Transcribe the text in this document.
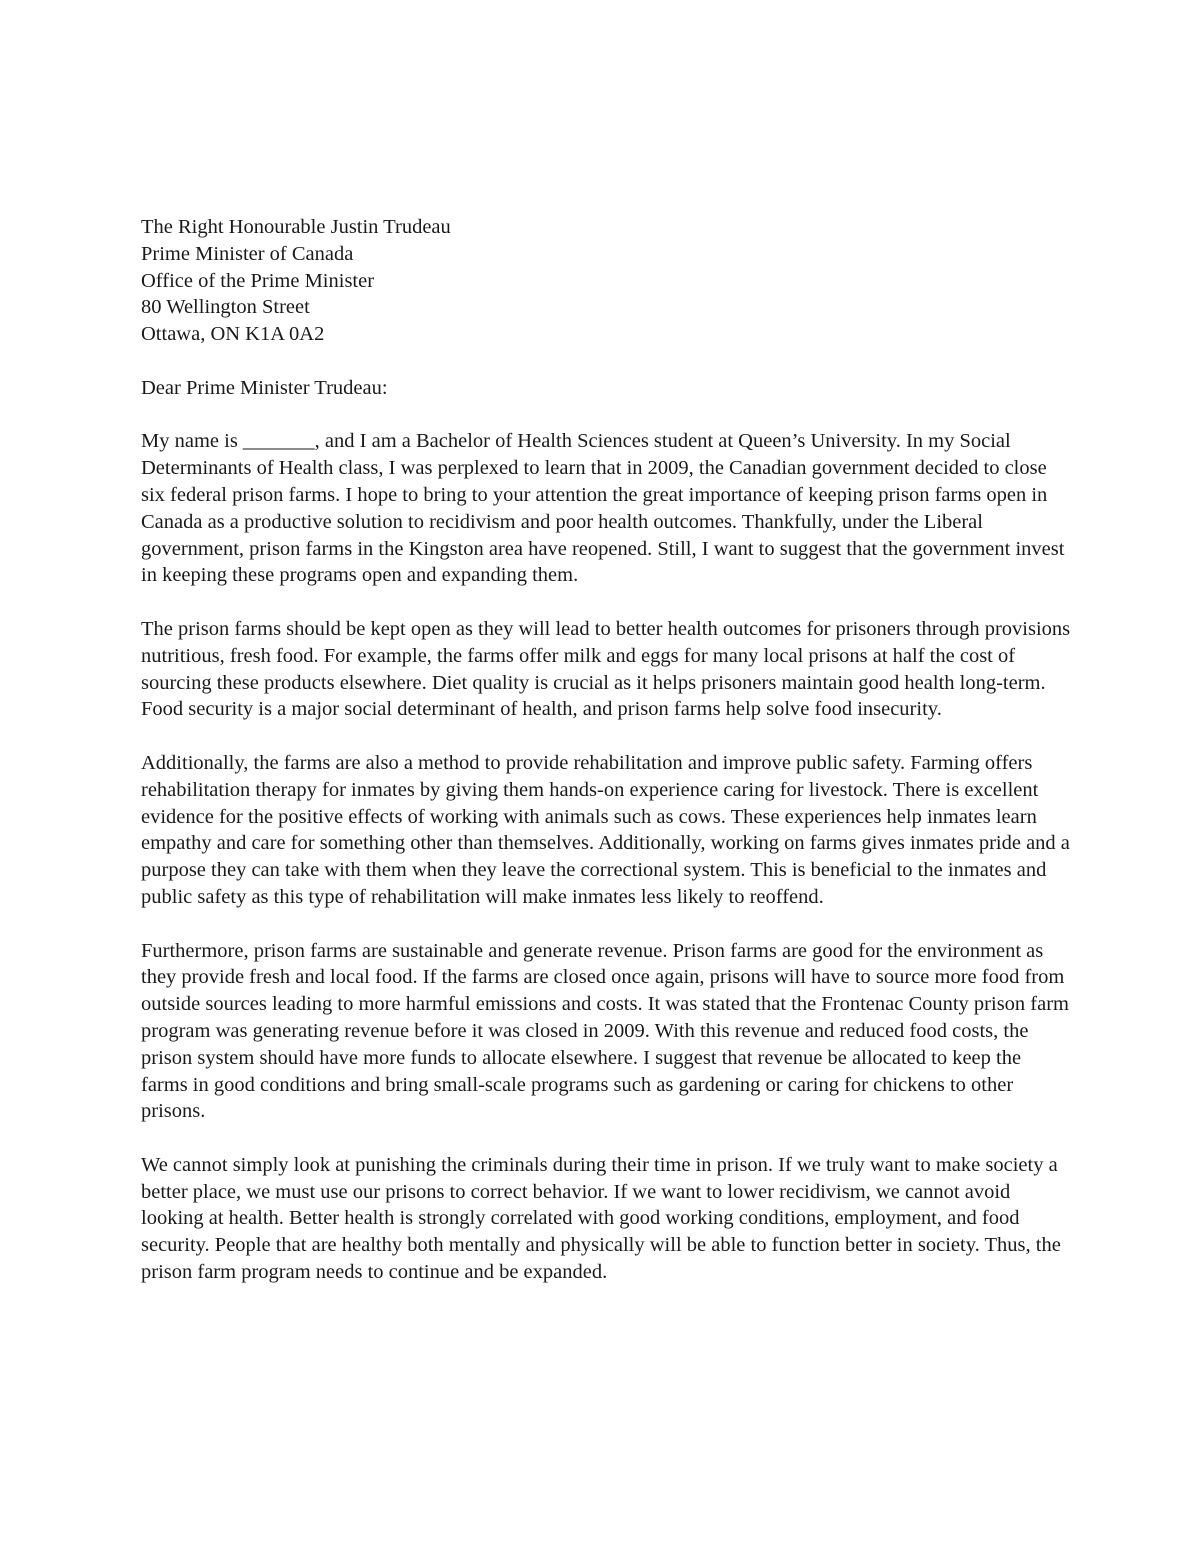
The Right Honourable Justin Trudeau
Prime Minister of Canada
Office of the Prime Minister
80 Wellington Street
Ottawa, ON K1A 0A2
Dear Prime Minister Trudeau:

My name is _______, and I am a Bachelor of Health Sciences student at Queen’s University. In my Social Determinants of Health class, I was perplexed to learn that in 2009, the Canadian government decided to close six federal prison farms. I hope to bring to your attention the great importance of keeping prison farms open in Canada as a productive solution to recidivism and poor health outcomes. Thankfully, under the Liberal government, prison farms in the Kingston area have reopened. Still, I want to suggest that the government invest in keeping these programs open and expanding them.

The prison farms should be kept open as they will lead to better health outcomes for prisoners through provisions nutritious, fresh food. For example, the farms offer milk and eggs for many local prisons at half the cost of sourcing these products elsewhere. Diet quality is crucial as it helps prisoners maintain good health long-term. Food security is a major social determinant of health, and prison farms help solve food insecurity.

Additionally, the farms are also a method to provide rehabilitation and improve public safety. Farming offers rehabilitation therapy for inmates by giving them hands-on experience caring for livestock. There is excellent evidence for the positive effects of working with animals such as cows. These experiences help inmates learn empathy and care for something other than themselves. Additionally, working on farms gives inmates pride and a purpose they can take with them when they leave the correctional system. This is beneficial to the inmates and public safety as this type of rehabilitation will make inmates less likely to reoffend.

Furthermore, prison farms are sustainable and generate revenue. Prison farms are good for the environment as they provide fresh and local food. If the farms are closed once again, prisons will have to source more food from outside sources leading to more harmful emissions and costs. It was stated that the Frontenac County prison farm program was generating revenue before it was closed in 2009. With this revenue and reduced food costs, the prison system should have more funds to allocate elsewhere. I suggest that revenue be allocated to keep the farms in good conditions and bring small-scale programs such as gardening or caring for chickens to other prisons.

We cannot simply look at punishing the criminals during their time in prison. If we truly want to make society a better place, we must use our prisons to correct behavior. If we want to lower recidivism, we cannot avoid looking at health. Better health is strongly correlated with good working conditions, employment, and food security. People that are healthy both mentally and physically will be able to function better in society. Thus, the prison farm program needs to continue and be expanded.
